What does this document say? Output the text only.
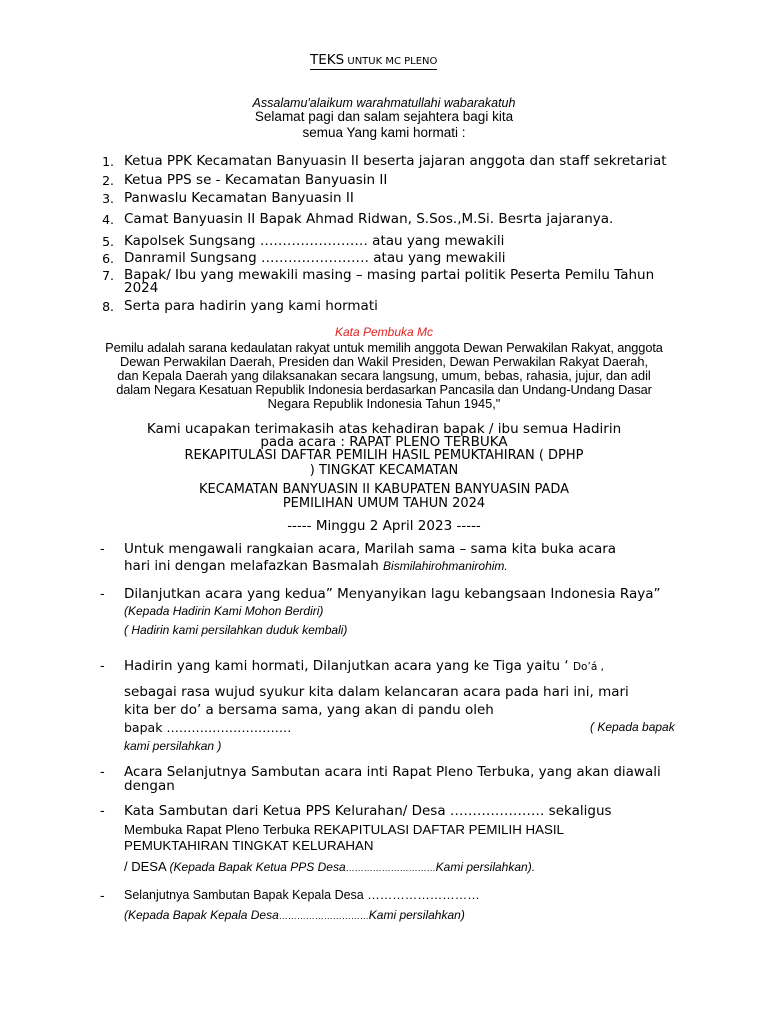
TEKS UNTUK MC PLENO
Assalamu'alaikum warahmatullahi wabarakatuh
Selamat pagi dan salam sejahtera bagi kita
semua Yang kami hormati :
1. Ketua PPK Kecamatan Banyuasin II beserta jajaran anggota dan staff sekretariat
2. Ketua PPS se - Kecamatan Banyuasin II
3. Panwaslu Kecamatan Banyuasin II
4. Camat Banyuasin II Bapak Ahmad Ridwan, S.Sos.,M.Si. Besrta jajaranya.
5. Kapolsek Sungsang …………………… atau yang mewakili
6. Danramil Sungsang …………………… atau yang mewakili
7. Bapak/ Ibu yang mewakili masing – masing partai politik Peserta Pemilu Tahun
2024
8. Serta para hadirin yang kami hormati
Kata Pembuka Mc
Pemilu adalah sarana kedaulatan rakyat untuk memilih anggota Dewan Perwakilan Rakyat, anggota
Dewan Perwakilan Daerah, Presiden dan Wakil Presiden, Dewan Perwakilan Rakyat Daerah,
dan Kepala Daerah yang dilaksanakan secara langsung, umum, bebas, rahasia, jujur, dan adil
dalam Negara Kesatuan Republik Indonesia berdasarkan Pancasila dan Undang-Undang Dasar
Negara Republik Indonesia Tahun 1945,"
Kami ucapakan terimakasih atas kehadiran bapak / ibu semua Hadirin
pada acara : RAPAT PLENO TERBUKA
REKAPITULASI DAFTAR PEMILIH HASIL PEMUKTAHIRAN ( DPHP
) TINGKAT KECAMATAN
KECAMATAN BANYUASIN II KABUPATEN BANYUASIN PADA
PEMILIHAN UMUM TAHUN 2024
----- Minggu 2 April 2023 -----
- Untuk mengawali rangkaian acara, Marilah sama – sama kita buka acara
hari ini dengan melafazkan Basmalah Bismilahirohmanirohim.
- Dilanjutkan acara yang kedua” Menyanyikan lagu kebangsaan Indonesia Raya”
(Kepada Hadirin Kami Mohon Berdiri)
( Hadirin kami persilahkan duduk kembali)
- Hadirin yang kami hormati, Dilanjutkan acara yang ke Tiga yaitu ‘ Do’á ,
sebagai rasa wujud syukur kita dalam kelancaran acara pada hari ini, mari
kita ber do’ a bersama sama, yang akan di pandu oleh
bapak …………………………	( Kepada bapak
kami persilahkan )
- Acara Selanjutnya Sambutan acara inti Rapat Pleno Terbuka, yang akan diawali
dengan
- Kata Sambutan dari Ketua PPS Kelurahan/ Desa ………………… sekaligus
Membuka Rapat Pleno Terbuka REKAPITULASI DAFTAR PEMILIH HASIL
PEMUKTAHIRAN TINGKAT KELURAHAN
/ DESA (Kepada Bapak Ketua PPS Desa…………………………Kami persilahkan).
- Selanjutnya Sambutan Bapak Kepala Desa ………………………
(Kepada Bapak Kepala Desa…………………………Kami persilahkan)
